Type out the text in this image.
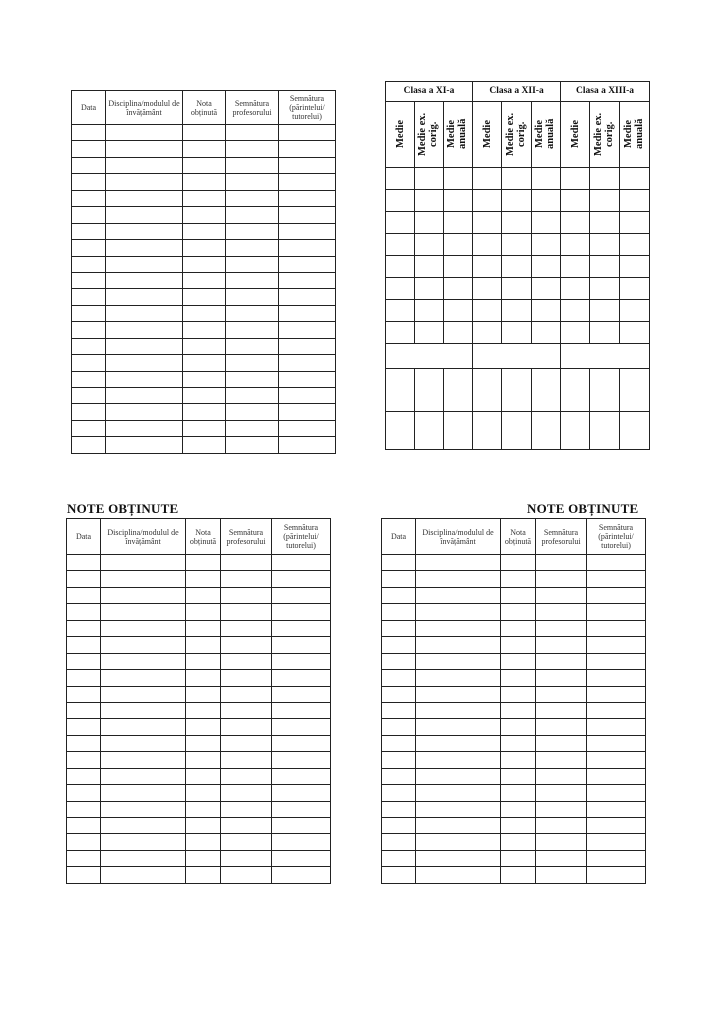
Data	Disciplina/modulul de învățământ	Nota obținută	Semnătura profesorului	Semnătura (părintelui/ tutorelui)

Clasa a XI-a			Clasa a XII-a			Clasa a XIII-a		
Medie	Medie ex. corig.	Medie anuală	Medie	Medie ex. corig.	Medie anuală	Medie	Medie ex. corig.	Medie anuală

NOTE OBȚINUTE
Data	Disciplina/modulul de învățământ	Nota obținută	Semnătura profesorului	Semnătura (părintelui/ tutorelui)

NOTE OBȚINUTE
Data	Disciplina/modulul de învățământ	Nota obținută	Semnătura profesorului	Semnătura (părintelui/ tutorelui)
